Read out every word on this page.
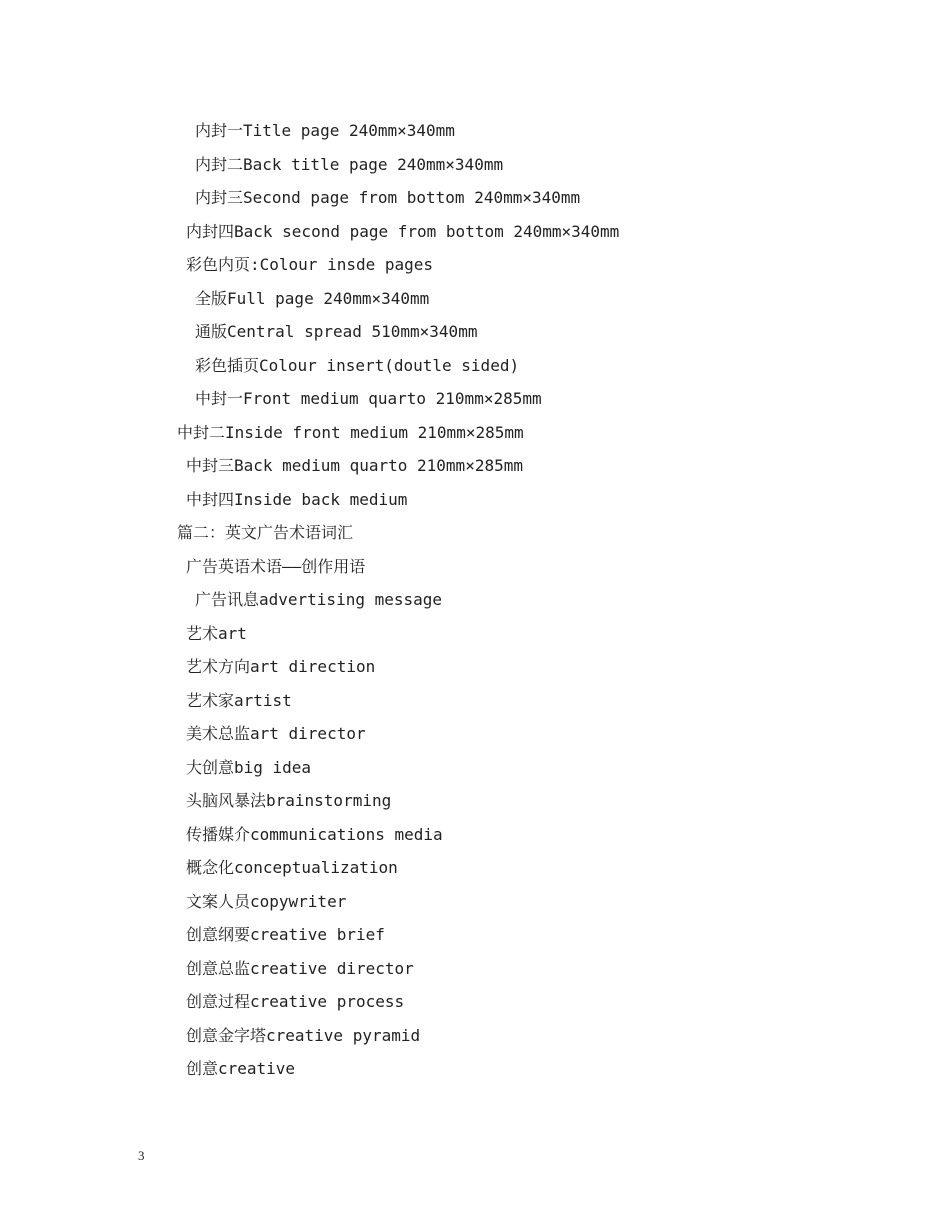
内封一Title page 240mm×340mm
内封二Back title page 240mm×340mm
内封三Second page from bottom 240mm×340mm
内封四Back second page from bottom 240mm×340mm
彩色内页:Colour insde pages
全版Full page 240mm×340mm
通版Central spread 510mm×340mm
彩色插页Colour insert(doutle sided)
中封一Front medium quarto 210mm×285mm
中封二Inside front medium 210mm×285mm
中封三Back medium quarto 210mm×285mm
中封四Inside back medium
篇二：英文广告术语词汇
广告英语术语——创作用语
广告讯息advertising message
艺术art
艺术方向art direction
艺术家artist
美术总监art director
大创意big idea
头脑风暴法brainstorming
传播媒介communications media
概念化conceptualization
文案人员copywriter
创意纲要creative brief
创意总监creative director
创意过程creative process
创意金字塔creative pyramid
创意creative
3
